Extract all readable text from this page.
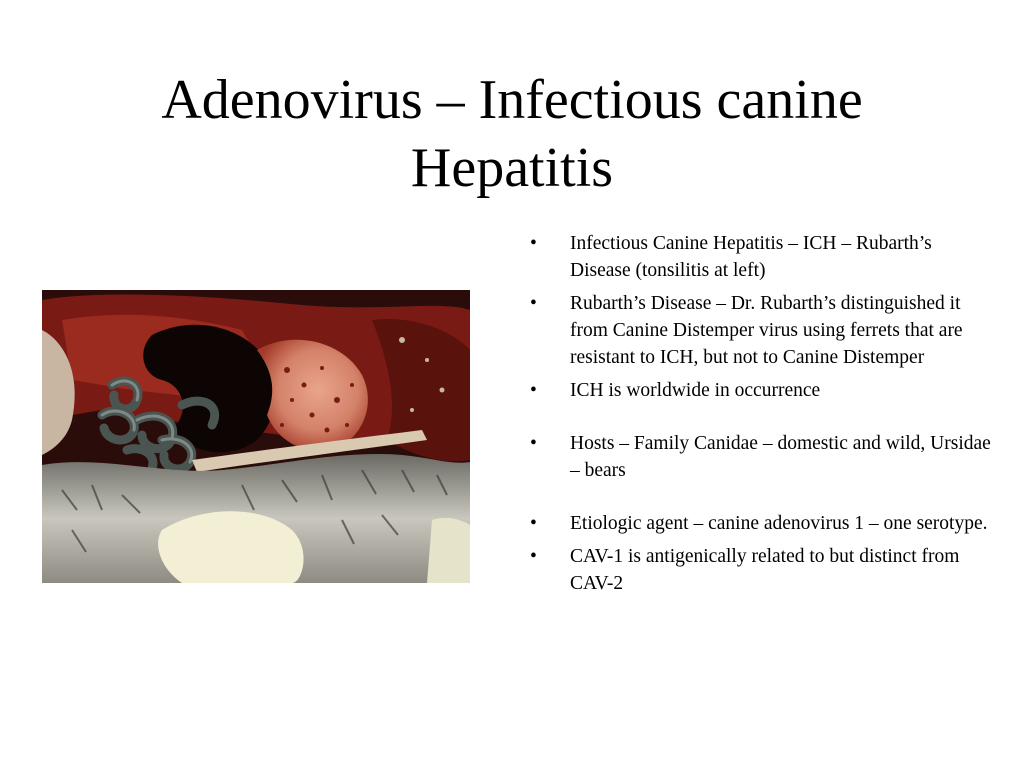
Adenovirus – Infectious canine
Hepatitis
• Infectious Canine Hepatitis – ICH – Rubarth’s Disease (tonsilitis at left)
• Rubarth’s Disease – Dr. Rubarth’s distinguished it from Canine Distemper virus using ferrets that are resistant to ICH, but not to Canine Distemper
• ICH is worldwide in occurrence
• Hosts – Family Canidae – domestic and wild, Ursidae – bears
• Etiologic agent – canine adenovirus 1 – one serotype.
• CAV-1 is antigenically related to but distinct from CAV-2
